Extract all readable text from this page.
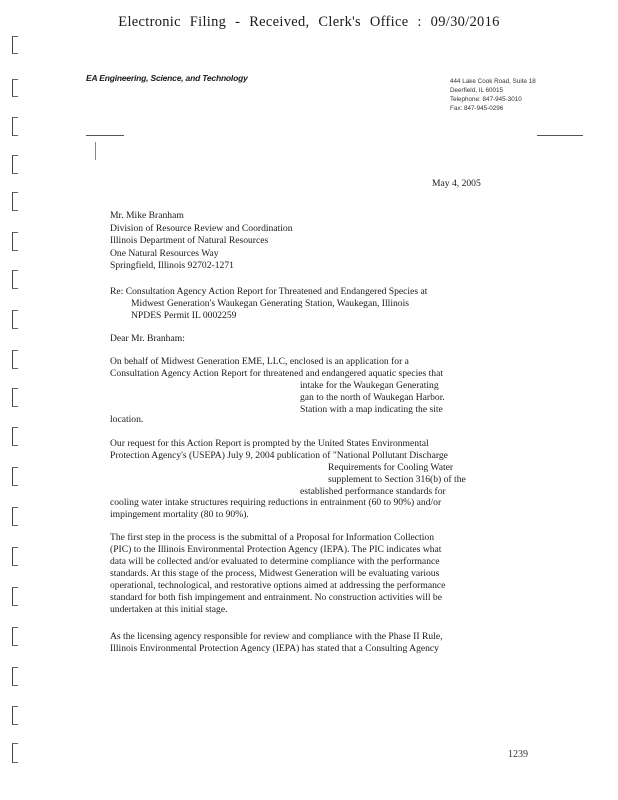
Electronic Filing - Received, Clerk's Office : 09/30/2016
EA Engineering, Science, and Technology	444 Lake Cook Road, Suite 18
Deerfield, IL 60015
Telephone: 847-945-3010
Fax: 847-945-0296
May 4, 2005
Mr. Mike Branham
Division of Resource Review and Coordination
Illinois Department of Natural Resources
One Natural Resources Way
Springfield, Illinois 92702-1271
Re: Consultation Agency Action Report for Threatened and Endangered Species at
Midwest Generation's Waukegan Generating Station, Waukegan, Illinois
NPDES Permit IL 0002259
Dear Mr. Branham:
On behalf of Midwest Generation EME, LLC, enclosed is an application for a
Consultation Agency Action Report for threatened and endangered aquatic species that
intake for the Waukegan Generating
gan to the north of Waukegan Harbor.
Station with a map indicating the site
location.
Our request for this Action Report is prompted by the United States Environmental
Protection Agency's (USEPA) July 9, 2004 publication of "National Pollutant Discharge
Requirements for Cooling Water
supplement to Section 316(b) of the
established performance standards for
cooling water intake structures requiring reductions in entrainment (60 to 90%) and/or
impingement mortality (80 to 90%).
The first step in the process is the submittal of a Proposal for Information Collection
(PIC) to the Illinois Environmental Protection Agency (IEPA). The PIC indicates what
data will be collected and/or evaluated to determine compliance with the performance
standards. At this stage of the process, Midwest Generation will be evaluating various
operational, technological, and restorative options aimed at addressing the performance
standard for both fish impingement and entrainment. No construction activities will be
undertaken at this initial stage.
As the licensing agency responsible for review and compliance with the Phase II Rule,
Illinois Environmental Protection Agency (IEPA) has stated that a Consulting Agency
1239
